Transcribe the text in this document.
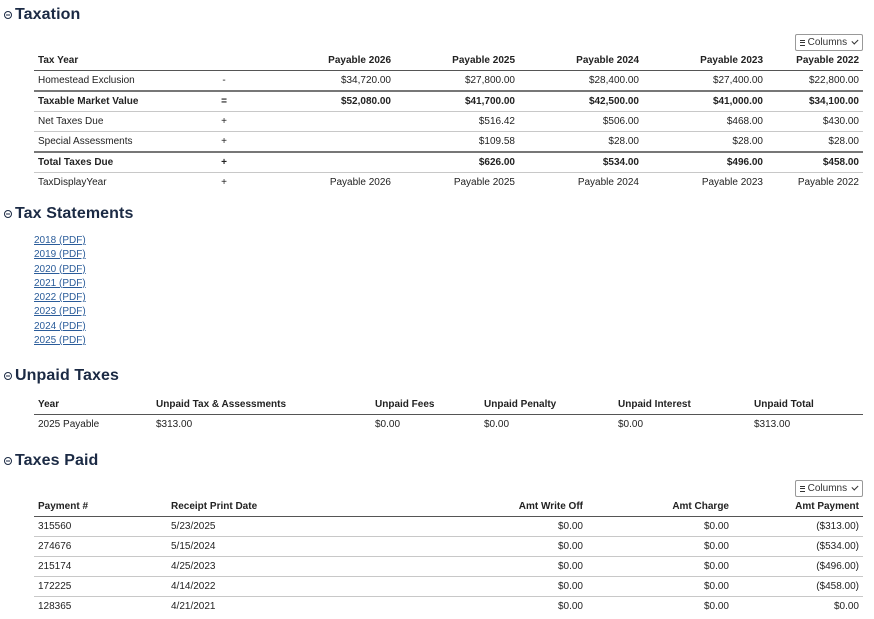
Taxation
Columns
Tax Year		Payable 2026	Payable 2025	Payable 2024	Payable 2023	Payable 2022
Homestead Exclusion	-	$34,720.00	$27,800.00	$28,400.00	$27,400.00	$22,800.00
Taxable Market Value	=	$52,080.00	$41,700.00	$42,500.00	$41,000.00	$34,100.00
Net Taxes Due	+		$516.42	$506.00	$468.00	$430.00
Special Assessments	+		$109.58	$28.00	$28.00	$28.00
Total Taxes Due	+		$626.00	$534.00	$496.00	$458.00
TaxDisplayYear	+	Payable 2026	Payable 2025	Payable 2024	Payable 2023	Payable 2022
Tax Statements
2018 (PDF)
2019 (PDF)
2020 (PDF)
2021 (PDF)
2022 (PDF)
2023 (PDF)
2024 (PDF)
2025 (PDF)
Unpaid Taxes
Year	Unpaid Tax & Assessments	Unpaid Fees	Unpaid Penalty	Unpaid Interest	Unpaid Total
2025 Payable	$313.00	$0.00	$0.00	$0.00	$313.00
Taxes Paid
Columns
Payment #	Receipt Print Date	Amt Write Off	Amt Charge	Amt Payment
315560	5/23/2025	$0.00	$0.00	($313.00)
274676	5/15/2024	$0.00	$0.00	($534.00)
215174	4/25/2023	$0.00	$0.00	($496.00)
172225	4/14/2022	$0.00	$0.00	($458.00)
128365	4/21/2021	$0.00	$0.00	$0.00
